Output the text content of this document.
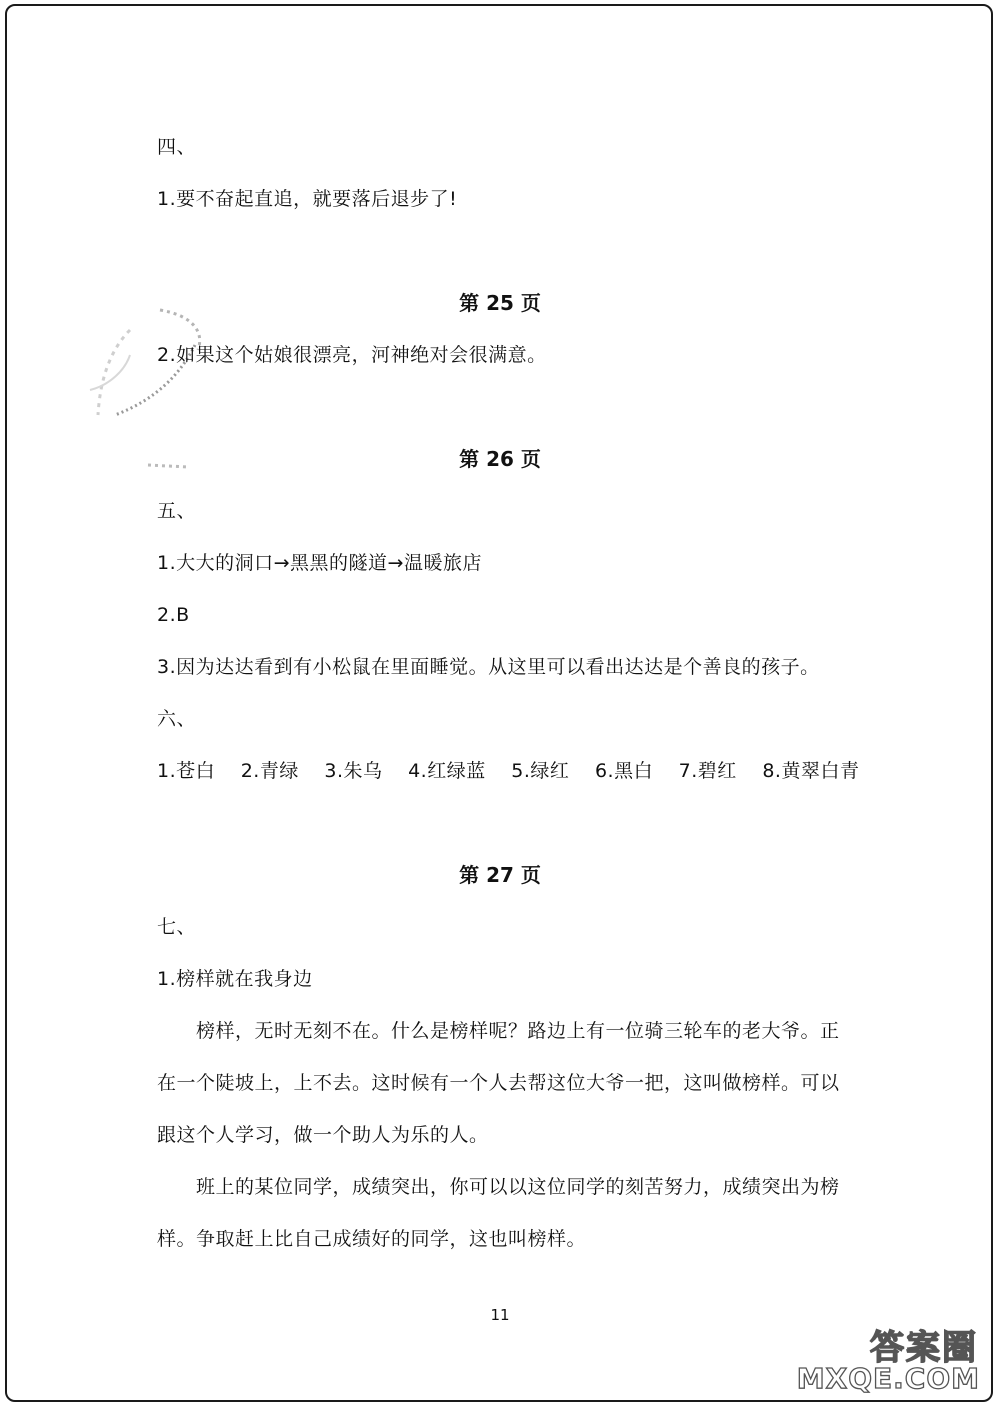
四、
1.要不奋起直追，就要落后退步了!
第 25 页
2.如果这个姑娘很漂亮，河神绝对会很满意。
第 26 页
五、
1.大大的洞口→黑黑的隧道→温暖旅店
2.B
3.因为达达看到有小松鼠在里面睡觉。从这里可以看出达达是个善良的孩子。
六、
1.苍白 2.青绿 3.朱乌 4.红绿蓝 5.绿红 6.黑白 7.碧红 8.黄翠白青
第 27 页
七、
1.榜样就在我身边
榜样，无时无刻不在。什么是榜样呢？路边上有一位骑三轮车的老大爷。正
在一个陡坡上，上不去。这时候有一个人去帮这位大爷一把，这叫做榜样。可以
跟这个人学习，做一个助人为乐的人。
班上的某位同学，成绩突出，你可以以这位同学的刻苦努力，成绩突出为榜
样。争取赶上比自己成绩好的同学，这也叫榜样。
11
答案圈
MXQE.COM
